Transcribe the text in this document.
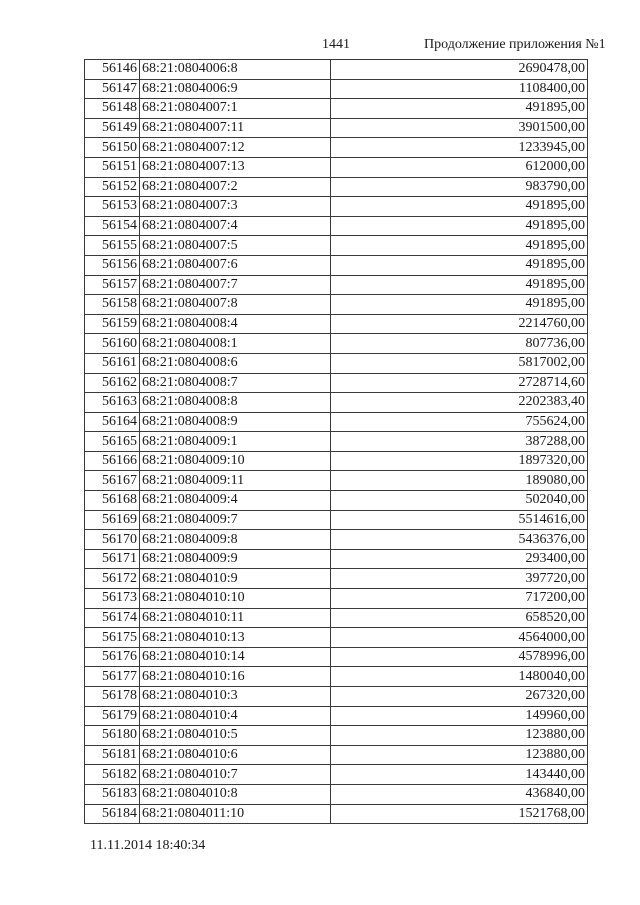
1441	Продолжение приложения №1
56146	68:21:0804006:8	2690478,00
56147	68:21:0804006:9	1108400,00
56148	68:21:0804007:1	491895,00
56149	68:21:0804007:11	3901500,00
56150	68:21:0804007:12	1233945,00
56151	68:21:0804007:13	612000,00
56152	68:21:0804007:2	983790,00
56153	68:21:0804007:3	491895,00
56154	68:21:0804007:4	491895,00
56155	68:21:0804007:5	491895,00
56156	68:21:0804007:6	491895,00
56157	68:21:0804007:7	491895,00
56158	68:21:0804007:8	491895,00
56159	68:21:0804008:4	2214760,00
56160	68:21:0804008:1	807736,00
56161	68:21:0804008:6	5817002,00
56162	68:21:0804008:7	2728714,60
56163	68:21:0804008:8	2202383,40
56164	68:21:0804008:9	755624,00
56165	68:21:0804009:1	387288,00
56166	68:21:0804009:10	1897320,00
56167	68:21:0804009:11	189080,00
56168	68:21:0804009:4	502040,00
56169	68:21:0804009:7	5514616,00
56170	68:21:0804009:8	5436376,00
56171	68:21:0804009:9	293400,00
56172	68:21:0804010:9	397720,00
56173	68:21:0804010:10	717200,00
56174	68:21:0804010:11	658520,00
56175	68:21:0804010:13	4564000,00
56176	68:21:0804010:14	4578996,00
56177	68:21:0804010:16	1480040,00
56178	68:21:0804010:3	267320,00
56179	68:21:0804010:4	149960,00
56180	68:21:0804010:5	123880,00
56181	68:21:0804010:6	123880,00
56182	68:21:0804010:7	143440,00
56183	68:21:0804010:8	436840,00
56184	68:21:0804011:10	1521768,00
11.11.2014 18:40:34
